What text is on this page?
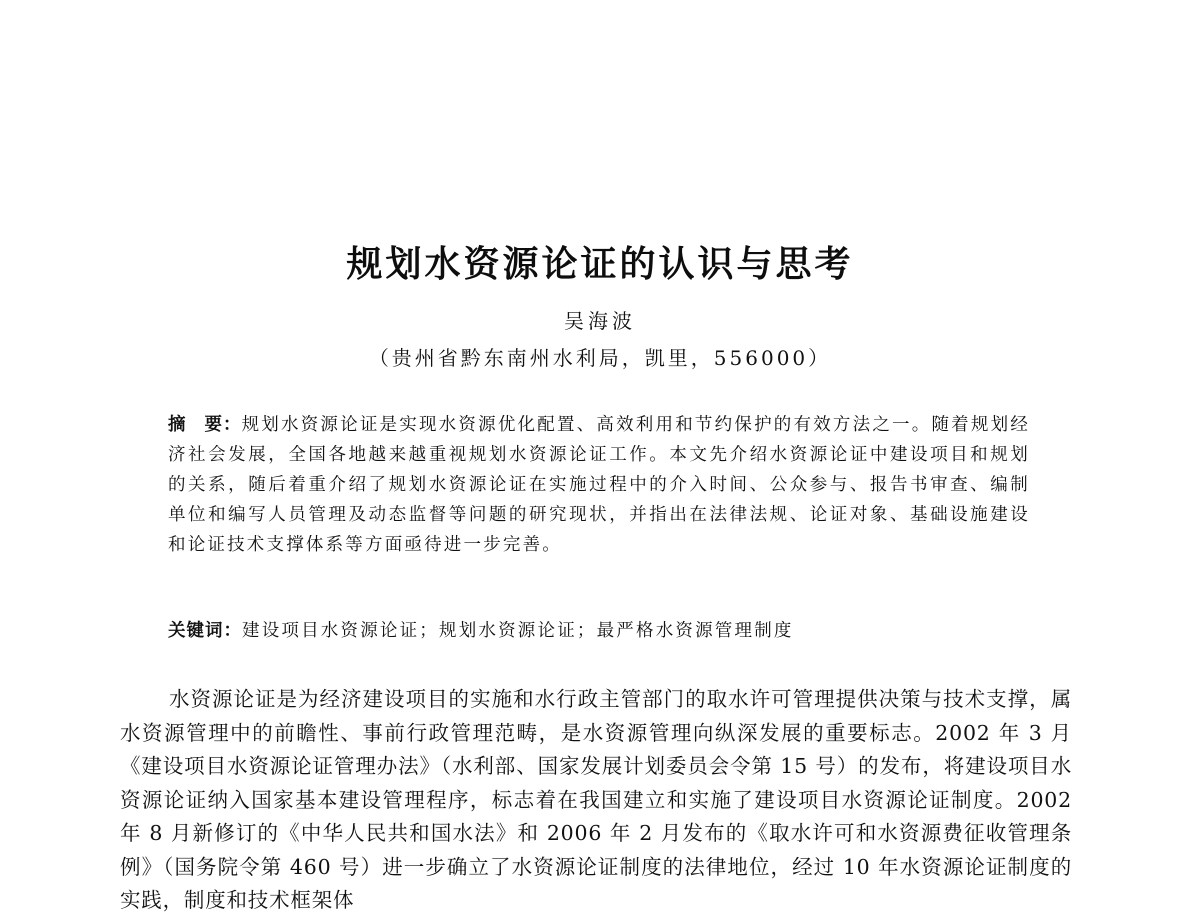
规划水资源论证的认识与思考
吴海波
（贵州省黔东南州水利局，凯里，556000）

摘 要：规划水资源论证是实现水资源优化配置、高效利用和节约保护的有效方法之一。随着规划经济社会发展，全国各地越来越重视规划水资源论证工作。本文先介绍水资源论证中建设项目和规划的关系，随后着重介绍了规划水资源论证在实施过程中的介入时间、公众参与、报告书审查、编制单位和编写人员管理及动态监督等问题的研究现状，并指出在法律法规、论证对象、基础设施建设和论证技术支撑体系等方面亟待进一步完善。

关键词：建设项目水资源论证；规划水资源论证；最严格水资源管理制度

水资源论证是为经济建设项目的实施和水行政主管部门的取水许可管理提供决策与技术支撑，属水资源管理中的前瞻性、事前行政管理范畴，是水资源管理向纵深发展的重要标志。2002 年 3 月《建设项目水资源论证管理办法》（水利部、国家发展计划委员会令第 15 号）的发布，将建设项目水资源论证纳入国家基本建设管理程序，标志着在我国建立和实施了建设项目水资源论证制度。2002 年 8 月新修订的《中华人民共和国水法》和 2006 年 2 月发布的《取水许可和水资源费征收管理条例》（国务院令第 460 号）进一步确立了水资源论证制度的法律地位，经过 10 年水资源论证制度的实践，制度和技术框架体
